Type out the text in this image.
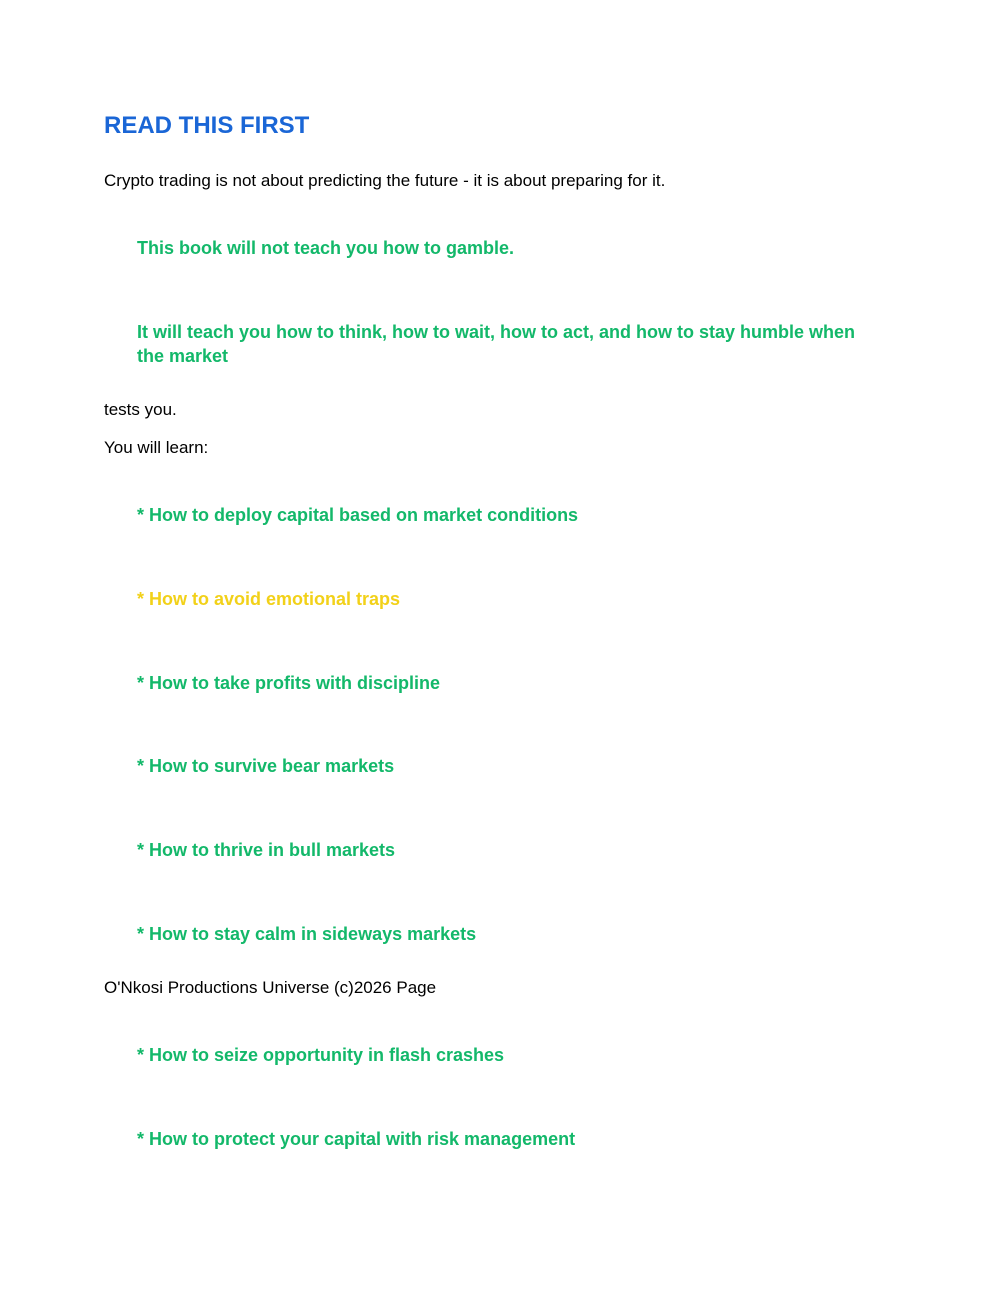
READ THIS FIRST

Crypto trading is not about predicting the future - it is about preparing for it.

This book will not teach you how to gamble.

It will teach you how to think, how to wait, how to act, and how to stay humble when

the market

tests you.

You will learn:

* How to deploy capital based on market conditions

* How to avoid emotional traps

* How to take profits with discipline

* How to survive bear markets

* How to thrive in bull markets

* How to stay calm in sideways markets

O'Nkosi Productions Universe (c)2026 Page

* How to seize opportunity in flash crashes

* How to protect your capital with risk management
